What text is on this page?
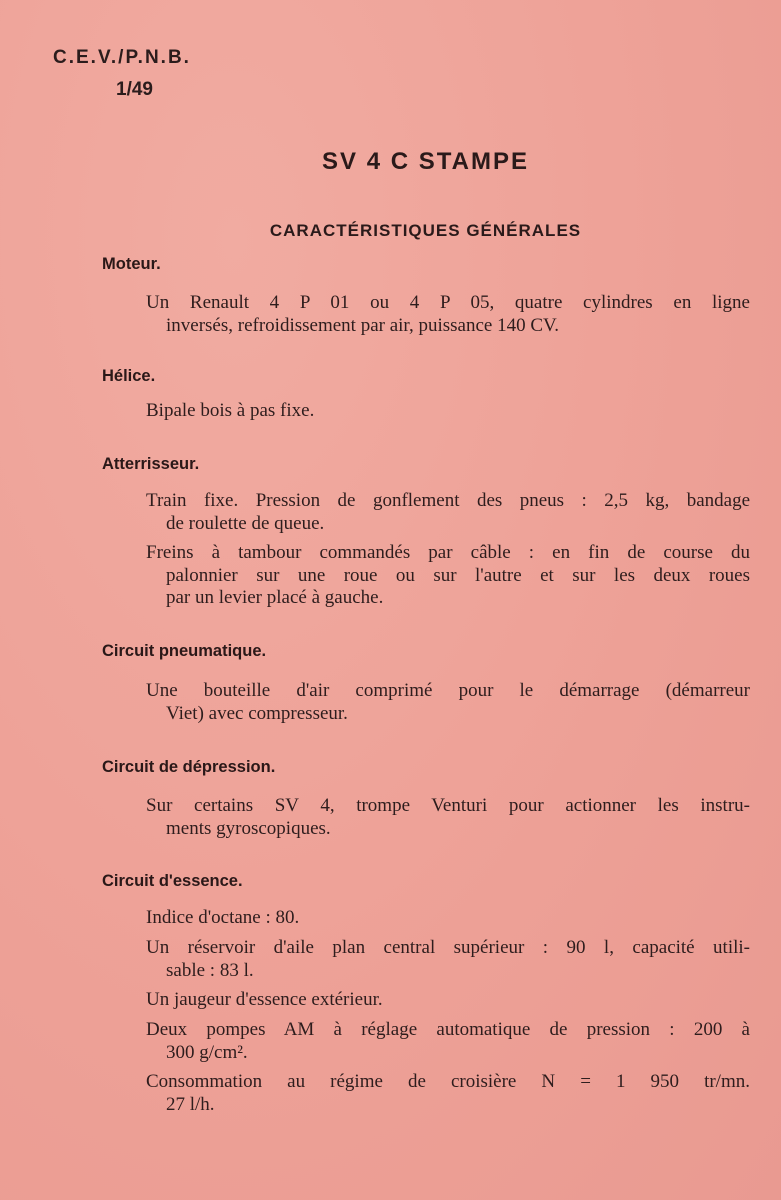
C.E.V./P.N.B.
1/49
SV 4 C STAMPE
CARACTÉRISTIQUES GÉNÉRALES
Moteur.
Un Renault 4 P 01 ou 4 P 05, quatre cylindres en ligne
inversés, refroidissement par air, puissance 140 CV.
Hélice.
Bipale bois à pas fixe.
Atterrisseur.
Train fixe. Pression de gonflement des pneus : 2,5 kg, bandage
de roulette de queue.
Freins à tambour commandés par câble : en fin de course du
palonnier sur une roue ou sur l'autre et sur les deux roues
par un levier placé à gauche.
Circuit pneumatique.
Une bouteille d'air comprimé pour le démarrage (démarreur
Viet) avec compresseur.
Circuit de dépression.
Sur certains SV 4, trompe Venturi pour actionner les instru-
ments gyroscopiques.
Circuit d'essence.
Indice d'octane : 80.
Un réservoir d'aile plan central supérieur : 90 l, capacité utili-
sable : 83 l.
Un jaugeur d'essence extérieur.
Deux pompes AM à réglage automatique de pression : 200 à
300 g/cm².
Consommation au régime de croisière N = 1 950 tr/mn.
27 l/h.
